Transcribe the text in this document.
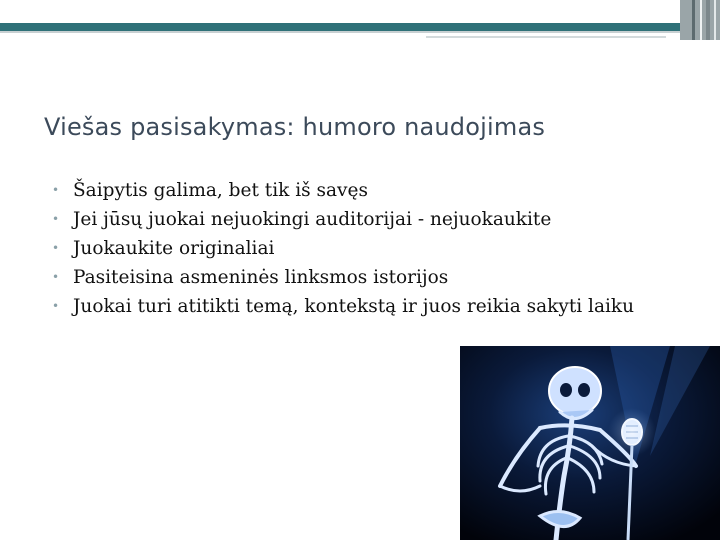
Viešas pasisakymas: humoro naudojimas
• Šaipytis galima, bet tik iš savęs
• Jei jūsų juokai nejuokingi auditorijai - nejuokaukite
• Juokaukite originaliai
• Pasiteisina asmeninės linksmos istorijos
• Juokai turi atitikti temą, kontekstą ir juos reikia sakyti laiku
